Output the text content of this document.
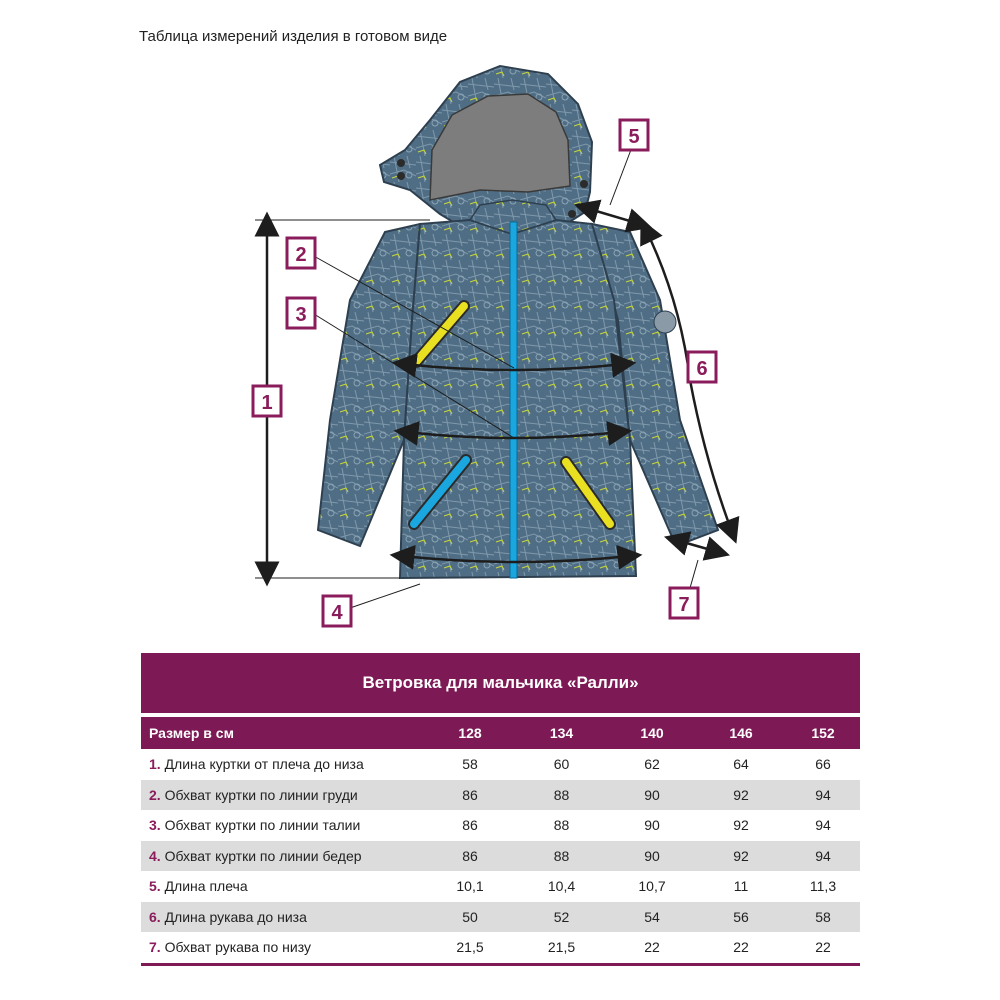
Таблица измерений изделия в готовом виде
1
2
3
4
5
6
7
Ветровка для мальчика «Ралли»
Размер в см	128	134	140	146	152
1. Длина куртки от плеча до низа	58	60	62	64	66
2. Обхват куртки по линии груди	86	88	90	92	94
3. Обхват куртки по линии талии	86	88	90	92	94
4. Обхват куртки по линии бедер	86	88	90	92	94
5. Длина плеча	10,1	10,4	10,7	11	11,3
6. Длина рукава до низа	50	52	54	56	58
7. Обхват рукава по низу	21,5	21,5	22	22	22
